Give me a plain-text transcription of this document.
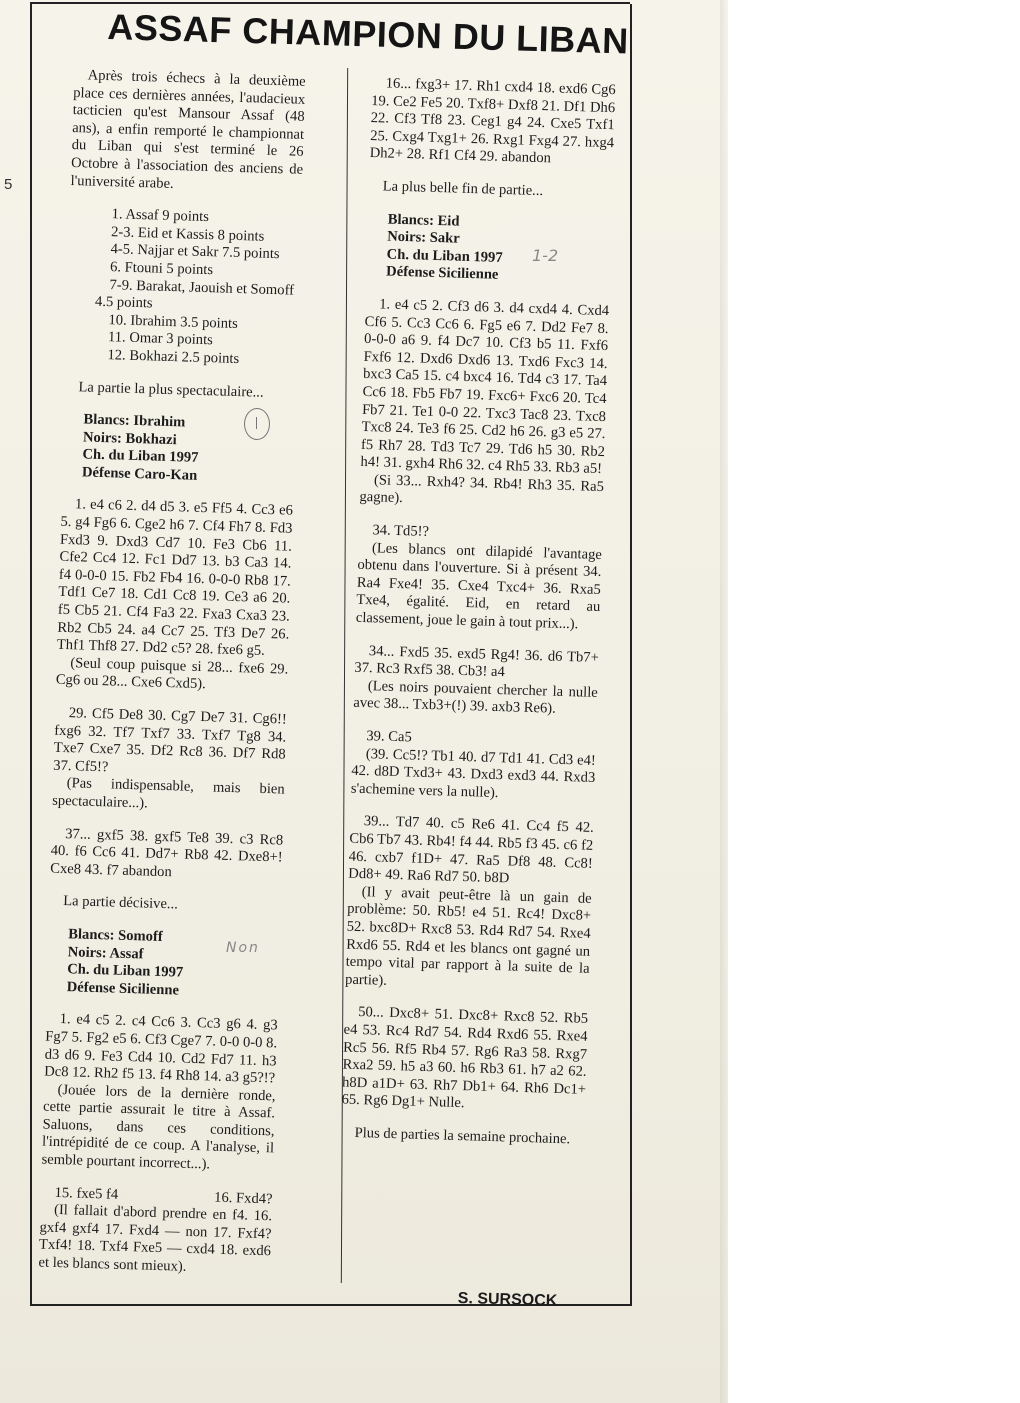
5
ASSAF CHAMPION DU LIBAN

Après trois échecs à la deuxième place ces dernières années, l'audacieux tacticien qu'est Mansour Assaf (48 ans), a enfin remporté le championnat du Liban qui s'est terminé le 26 Octobre à l'association des anciens de l'université arabe.

1. Assaf 9 points
2-3. Eid et Kassis 8 points
4-5. Najjar et Sakr 7.5 points
6. Ftouni 5 points
7-9. Barakat, Jaouish et Somoff 4.5 points
10. Ibrahim 3.5 points
11. Omar 3 points
12. Bokhazi 2.5 points

La partie la plus spectaculaire...

Blancs: Ibrahim
Noirs: Bokhazi
Ch. du Liban 1997
Défense Caro-Kan

1. e4 c6 2. d4 d5 3. e5 Ff5 4. Cc3 e6 5. g4 Fg6 6. Cge2 h6 7. Cf4 Fh7 8. Fd3 Fxd3 9. Dxd3 Cd7 10. Fe3 Cb6 11. Cfe2 Cc4 12. Fc1 Dd7 13. b3 Ca3 14. f4 0-0-0 15. Fb2 Fb4 16. 0-0-0 Rb8 17. Tdf1 Ce7 18. Cd1 Cc8 19. Ce3 a6 20. f5 Cb5 21. Cf4 Fa3 22. Fxa3 Cxa3 23. Rb2 Cb5 24. a4 Cc7 25. Tf3 De7 26. Thf1 Thf8 27. Dd2 c5? 28. fxe6 g5.

(Seul coup puisque si 28... fxe6 29. Cg6 ou 28... Cxe6 Cxd5).

29. Cf5 De8 30. Cg7 De7 31. Cg6!! fxg6 32. Tf7 Txf7 33. Txf7 Tg8 34. Txe7 Cxe7 35. Df2 Rc8 36. Df7 Rd8 37. Cf5!?

(Pas indispensable, mais bien spectaculaire...).

37... gxf5 38. gxf5 Te8 39. c3 Rc8 40. f6 Cc6 41. Dd7+ Rb8 42. Dxe8+! Cxe8 43. f7 abandon

La partie décisive...

Blancs: Somoff
Noirs: Assaf
Ch. du Liban 1997
Défense Sicilienne

1. e4 c5 2. c4 Cc6 3. Cc3 g6 4. g3 Fg7 5. Fg2 e5 6. Cf3 Cge7 7. 0-0 0-0 8. d3 d6 9. Fe3 Cd4 10. Cd2 Fd7 11. h3 Dc8 12. Rh2 f5 13. f4 Rh8 14. a3 g5?!?

(Jouée lors de la dernière ronde, cette partie assurait le titre à Assaf. Saluons, dans ces conditions, l'intrépidité de ce coup. A l'analyse, il semble pourtant incorrect...).

15. fxe5 f4	16. Fxd4?

(Il fallait d'abord prendre en f4. 16. gxf4 gxf4 17. Fxd4 — non 17. Fxf4? Txf4! 18. Txf4 Fxe5 — cxd4 18. exd6 et les blancs sont mieux).

16... fxg3+ 17. Rh1 cxd4 18. exd6 Cg6 19. Ce2 Fe5 20. Txf8+ Dxf8 21. Df1 Dh6 22. Cf3 Tf8 23. Ceg1 g4 24. Cxe5 Txf1 25. Cxg4 Txg1+ 26. Rxg1 Fxg4 27. hxg4 Dh2+ 28. Rf1 Cf4 29. abandon

La plus belle fin de partie...

Blancs: Eid
Noirs: Sakr
Ch. du Liban 1997
Défense Sicilienne

1. e4 c5 2. Cf3 d6 3. d4 cxd4 4. Cxd4 Cf6 5. Cc3 Cc6 6. Fg5 e6 7. Dd2 Fe7 8. 0-0-0 a6 9. f4 Dc7 10. Cf3 b5 11. Fxf6 Fxf6 12. Dxd6 Dxd6 13. Txd6 Fxc3 14. bxc3 Ca5 15. c4 bxc4 16. Td4 c3 17. Ta4 Cc6 18. Fb5 Fb7 19. Fxc6+ Fxc6 20. Tc4 Fb7 21. Te1 0-0 22. Txc3 Tac8 23. Txc8 Txc8 24. Te3 f6 25. Cd2 h6 26. g3 e5 27. f5 Rh7 28. Td3 Tc7 29. Td6 h5 30. Rb2 h4! 31. gxh4 Rh6 32. c4 Rh5 33. Rb3 a5!

(Si 33... Rxh4? 34. Rb4! Rh3 35. Ra5 gagne).

34. Td5!?

(Les blancs ont dilapidé l'avantage obtenu dans l'ouverture. Si à présent 34. Ra4 Fxe4! 35. Cxe4 Txc4+ 36. Rxa5 Txe4, égalité. Eid, en retard au classement, joue le gain à tout prix...).

34... Fxd5 35. exd5 Rg4! 36. d6 Tb7+ 37. Rc3 Rxf5 38. Cb3! a4

(Les noirs pouvaient chercher la nulle avec 38... Txb3+(!) 39. axb3 Re6).

39. Ca5

(39. Cc5!? Tb1 40. d7 Td1 41. Cd3 e4! 42. d8D Txd3+ 43. Dxd3 exd3 44. Rxd3 s'achemine vers la nulle).

39... Td7 40. c5 Re6 41. Cc4 f5 42. Cb6 Tb7 43. Rb4! f4 44. Rb5 f3 45. c6 f2 46. cxb7 f1D+ 47. Ra5 Df8 48. Cc8! Dd8+ 49. Ra6 Rd7 50. b8D

(Il y avait peut-être là un gain de problème: 50. Rb5! e4 51. Rc4! Dxc8+ 52. bxc8D+ Rxc8 53. Rd4 Rd7 54. Rxe4 Rxd6 55. Rd4 et les blancs ont gagné un tempo vital par rapport à la suite de la partie).

50... Dxc8+ 51. Dxc8+ Rxc8 52. Rb5 e4 53. Rc4 Rd7 54. Rd4 Rxd6 55. Rxe4 Rc5 56. Rf5 Rb4 57. Rg6 Ra3 58. Rxg7 Rxa2 59. h5 a3 60. h6 Rb3 61. h7 a2 62. h8D a1D+ 63. Rh7 Db1+ 64. Rh6 Dc1+ 65. Rg6 Dg1+ Nulle.

Plus de parties la semaine prochaine.

S. SURSOCK
1-2
Non
